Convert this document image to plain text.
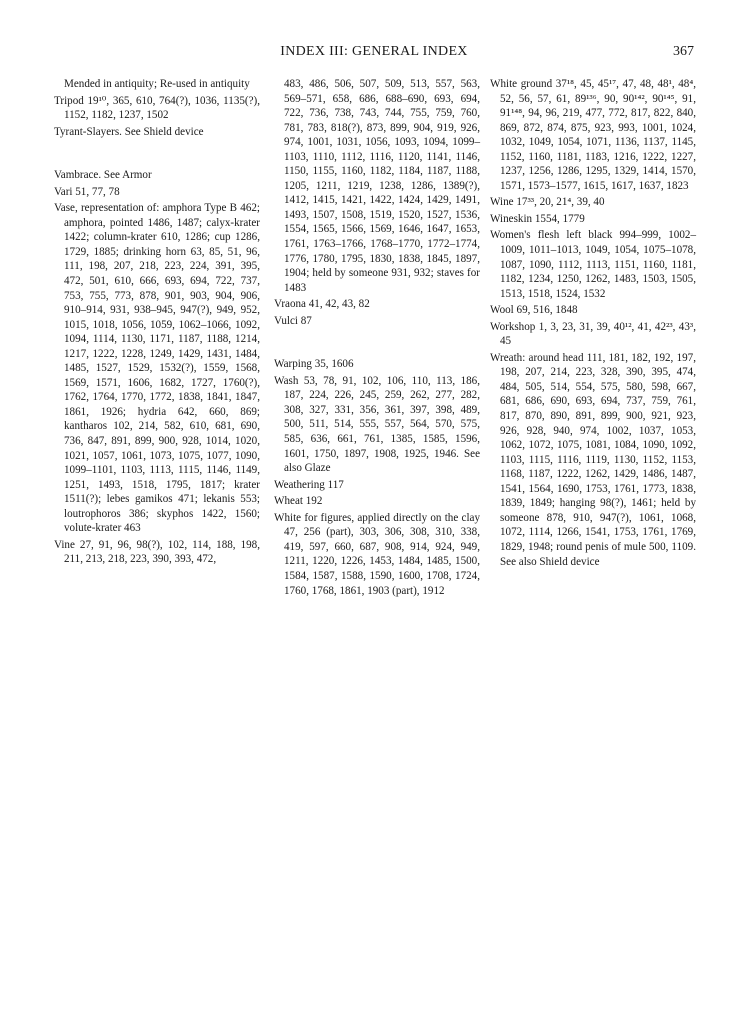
INDEX III: GENERAL INDEX	367

Mended in antiquity; Re-used in antiquity

Tripod 19¹⁰, 365, 610, 764(?), 1036, 1135(?), 1152, 1182, 1237, 1502

Tyrant-Slayers. See Shield device

Vambrace. See Armor

Vari 51, 77, 78

Vase, representation of: amphora Type B 462; amphora, pointed 1486, 1487; calyx-krater 1422; column-krater 610, 1286; cup 1286, 1729, 1885; drinking horn 63, 85, 51, 96, 111, 198, 207, 218, 223, 224, 391, 395, 472, 501, 610, 666, 693, 694, 722, 737, 753, 755, 773, 878, 901, 903, 904, 906, 910–914, 931, 938–945, 947(?), 949, 952, 1015, 1018, 1056, 1059, 1062–1066, 1092, 1094, 1114, 1130, 1171, 1187, 1188, 1214, 1217, 1222, 1228, 1249, 1429, 1431, 1484, 1485, 1527, 1529, 1532(?), 1559, 1568, 1569, 1571, 1606, 1682, 1727, 1760(?), 1762, 1764, 1770, 1772, 1838, 1841, 1847, 1861, 1926; hydria 642, 660, 869; kantharos 102, 214, 582, 610, 681, 690, 736, 847, 891, 899, 900, 928, 1014, 1020, 1021, 1057, 1061, 1073, 1075, 1077, 1090, 1099–1101, 1103, 1113, 1115, 1146, 1149, 1251, 1493, 1518, 1795, 1817; krater 1511(?); lebes gamikos 471; lekanis 553; loutrophoros 386; skyphos 1422, 1560; volute-krater 463

Vine 27, 91, 96, 98(?), 102, 114, 188, 198, 211, 213, 218, 223, 390, 393, 472,

483, 486, 506, 507, 509, 513, 557, 563, 569–571, 658, 686, 688–690, 693, 694, 722, 736, 738, 743, 744, 755, 759, 760, 781, 783, 818(?), 873, 899, 904, 919, 926, 974, 1001, 1031, 1056, 1093, 1094, 1099–1103, 1110, 1112, 1116, 1120, 1141, 1146, 1150, 1155, 1160, 1182, 1184, 1187, 1188, 1205, 1211, 1219, 1238, 1286, 1389(?), 1412, 1415, 1421, 1422, 1424, 1429, 1491, 1493, 1507, 1508, 1519, 1520, 1527, 1536, 1554, 1565, 1566, 1569, 1646, 1647, 1653, 1761, 1763–1766, 1768–1770, 1772–1774, 1776, 1780, 1795, 1830, 1838, 1845, 1897, 1904; held by someone 931, 932; staves for 1483

Vraona 41, 42, 43, 82

Vulci 87

Warping 35, 1606

Wash 53, 78, 91, 102, 106, 110, 113, 186, 187, 224, 226, 245, 259, 262, 277, 282, 308, 327, 331, 356, 361, 397, 398, 489, 500, 511, 514, 555, 557, 564, 570, 575, 585, 636, 661, 761, 1385, 1585, 1596, 1601, 1750, 1897, 1908, 1925, 1946. See also Glaze

Weathering 117

Wheat 192

White for figures, applied directly on the clay 47, 256 (part), 303, 306, 308, 310, 338, 419, 597, 660, 687, 908, 914, 924, 949, 1211, 1220, 1226, 1453, 1484, 1485, 1500, 1584, 1587, 1588, 1590, 1600, 1708, 1724, 1760, 1768, 1861, 1903 (part), 1912

White ground 37¹⁸, 45, 45¹⁷, 47, 48, 48¹, 48⁴, 52, 56, 57, 61, 89¹³⁶, 90, 90¹⁴², 90¹⁴⁵, 91, 91¹⁴⁸, 94, 96, 219, 477, 772, 817, 822, 840, 869, 872, 874, 875, 923, 993, 1001, 1024, 1032, 1049, 1054, 1071, 1136, 1137, 1145, 1152, 1160, 1181, 1183, 1216, 1222, 1227, 1237, 1256, 1286, 1295, 1329, 1414, 1570, 1571, 1573–1577, 1615, 1617, 1637, 1823

Wine 17³³, 20, 21⁴, 39, 40

Wineskin 1554, 1779

Women's flesh left black 994–999, 1002–1009, 1011–1013, 1049, 1054, 1075–1078, 1087, 1090, 1112, 1113, 1151, 1160, 1181, 1182, 1234, 1250, 1262, 1483, 1503, 1505, 1513, 1518, 1524, 1532

Wool 69, 516, 1848

Workshop 1, 3, 23, 31, 39, 40¹², 41, 42²³, 43³, 45

Wreath: around head 111, 181, 182, 192, 197, 198, 207, 214, 223, 328, 390, 395, 474, 484, 505, 514, 554, 575, 580, 598, 667, 681, 686, 690, 693, 694, 737, 759, 761, 817, 870, 890, 891, 899, 900, 921, 923, 926, 928, 940, 974, 1002, 1037, 1053, 1062, 1072, 1075, 1081, 1084, 1090, 1092, 1103, 1115, 1116, 1119, 1130, 1152, 1153, 1168, 1187, 1222, 1262, 1429, 1486, 1487, 1541, 1564, 1690, 1753, 1761, 1773, 1838, 1839, 1849; hanging 98(?), 1461; held by someone 878, 910, 947(?), 1061, 1068, 1072, 1114, 1266, 1541, 1753, 1761, 1769, 1829, 1948; round penis of mule 500, 1109. See also Shield device
